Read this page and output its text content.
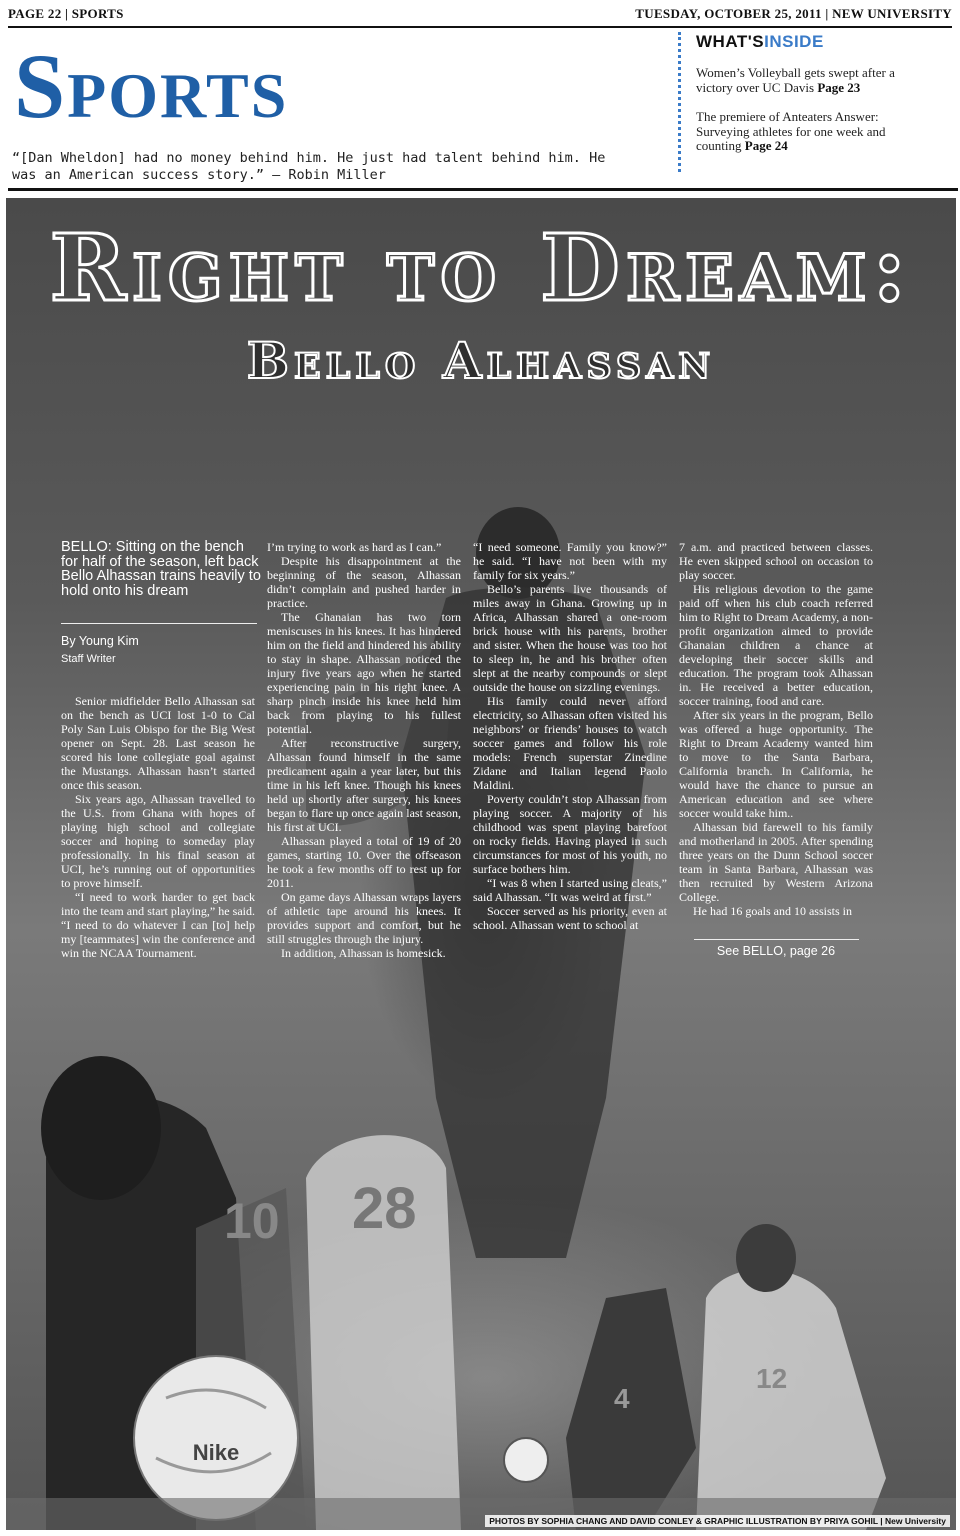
PAGE 22 | SPORTS	TUESDAY, OCTOBER 25, 2011 | NEW UNIVERSITY
Sports
“[Dan Wheldon] had no money behind him. He just had talent behind him. He was an American success story.” — Robin Miller
WHAT'SINSIDE
Women’s Volleyball gets swept after a victory over UC Davis Page 23
The premiere of Anteaters Answer: Surveying athletes for one week and counting Page 24
10 28
4
12
Nike
Right to Dream:
Bello Alhassan
BELLO: Sitting on the bench for half of the season, left back Bello Alhassan trains heavily to hold onto his dream
By Young Kim
Staff Writer

Senior midfielder Bello Alhassan sat on the bench as UCI lost 1-0 to Cal Poly San Luis Obispo for the Big West opener on Sept. 28. Last season he scored his lone collegiate goal against the Mustangs. Alhassan hasn’t started once this season.

Six years ago, Alhassan travelled to the U.S. from Ghana with hopes of playing high school and collegiate soccer and hoping to someday play professionally. In his final season at UCI, he’s running out of opportunities to prove himself.

“I need to work harder to get back into the team and start playing,” he said. “I need to do whatever I can [to] help my [teammates] win the conference and win the NCAA Tournament.

I’m trying to work as hard as I can.”

Despite his disappointment at the beginning of the season, Alhassan didn’t complain and pushed harder in practice.

The Ghanaian has two torn meniscuses in his knees. It has hindered him on the field and hindered his ability to stay in shape. Alhassan noticed the injury five years ago when he started experiencing pain in his right knee. A sharp pinch inside his knee held him back from playing to his fullest potential.

After reconstructive surgery, Alhassan found himself in the same predicament again a year later, but this time in his left knee. Though his knees held up shortly after surgery, his knees began to flare up once again last season, his first at UCI.

Alhassan played a total of 19 of 20 games, starting 10. Over the offseason he took a few months off to rest up for 2011.

On game days Alhassan wraps layers of athletic tape around his knees. It provides support and comfort, but he still struggles through the injury.

In addition, Alhassan is homesick.

“I need someone. Family you know?” he said. “I have not been with my family for six years.”

Bello’s parents live thousands of miles away in Ghana. Growing up in Africa, Alhassan shared a one-room brick house with his parents, brother and sister. When the house was too hot to sleep in, he and his brother often slept at the nearby compounds or slept outside the house on sizzling evenings.

His family could never afford electricity, so Alhassan often visited his neighbors’ or friends’ houses to watch soccer games and follow his role models: French superstar Zinedine Zidane and Italian legend Paolo Maldini.

Poverty couldn’t stop Alhassan from playing soccer. A majority of his childhood was spent playing barefoot on rocky fields. Having played in such circumstances for most of his youth, no surface bothers him.

“I was 8 when I started using cleats,” said Alhassan. “It was weird at first.”

Soccer served as his priority, even at school. Alhassan went to school at

7 a.m. and practiced between classes. He even skipped school on occasion to play soccer.

His religious devotion to the game paid off when his club coach referred him to Right to Dream Academy, a non-profit organization aimed to provide Ghanaian children a chance at developing their soccer skills and education. The program took Alhassan in. He received a better education, soccer training, food and care.

After six years in the program, Bello was offered a huge opportunity. The Right to Dream Academy wanted him to move to the Santa Barbara, California branch. In California, he would have the chance to pursue an American education and see where soccer would take him..

Alhassan bid farewell to his family and motherland in 2005. After spending three years on the Dunn School soccer team in Santa Barbara, Alhassan was then recruited by Western Arizona College.

He had 16 goals and 10 assists in

See BELLO, page 26
PHOTOS BY SOPHIA CHANG AND DAVID CONLEY & GRAPHIC ILLUSTRATION BY PRIYA GOHIL | New University
